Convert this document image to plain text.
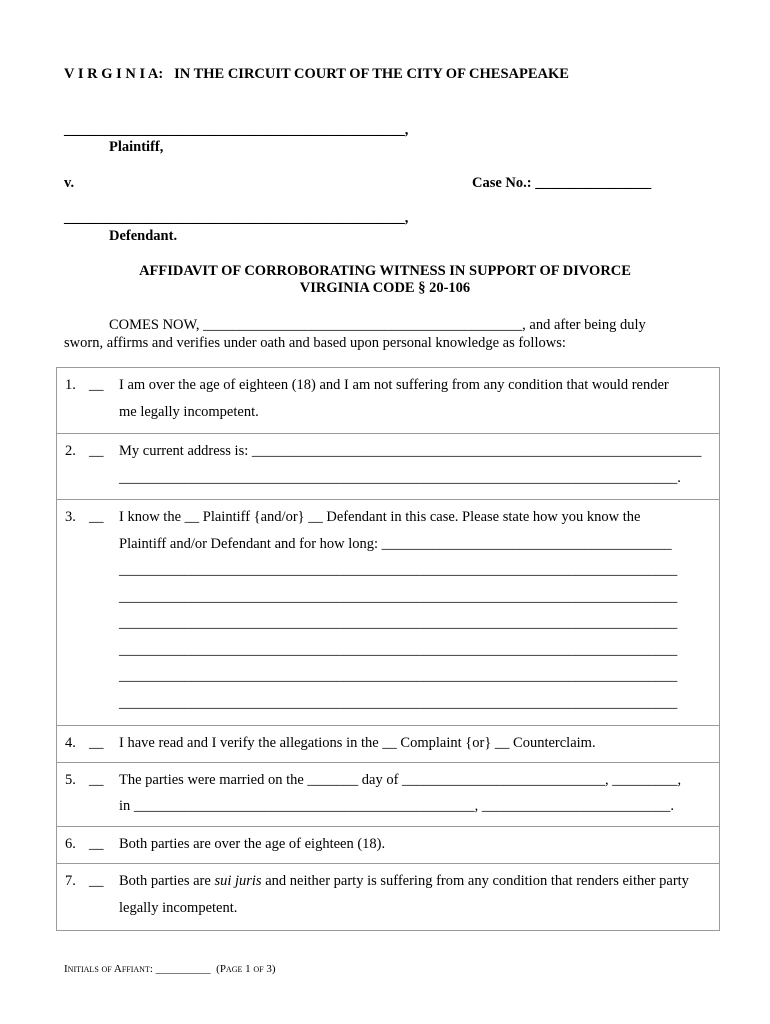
V I R G I N I A: IN THE CIRCUIT COURT OF THE CITY OF CHESAPEAKE
_______________________________________________,
Plaintiff,
v.	Case No.: ________________
_______________________________________________,
Defendant.
AFFIDAVIT OF CORROBORATING WITNESS IN SUPPORT OF DIVORCE
VIRGINIA CODE § 20-106
COMES NOW, ____________________________________________, and after being duly
sworn, affirms and verifies under oath and based upon personal knowledge as follows:
1. __ I am over the age of eighteen (18) and I am not suffering from any condition that would render
me legally incompetent.
2. __ My current address is: ______________________________________________________________
_____________________________________________________________________________.
3. __ I know the __ Plaintiff {and/or} __ Defendant in this case. Please state how you know the
Plaintiff and/or Defendant and for how long: ________________________________________
_____________________________________________________________________________
_____________________________________________________________________________
_____________________________________________________________________________
_____________________________________________________________________________
_____________________________________________________________________________
_____________________________________________________________________________
4. __ I have read and I verify the allegations in the __ Complaint {or} __ Counterclaim.
5. __ The parties were married on the _______ day of ____________________________, _________,
in _______________________________________________, __________________________.
6. __ Both parties are over the age of eighteen (18).
7. __ Both parties are sui juris and neither party is suffering from any condition that renders either party
legally incompetent.
Initials of Affiant: __________ (Page 1 of 3)
